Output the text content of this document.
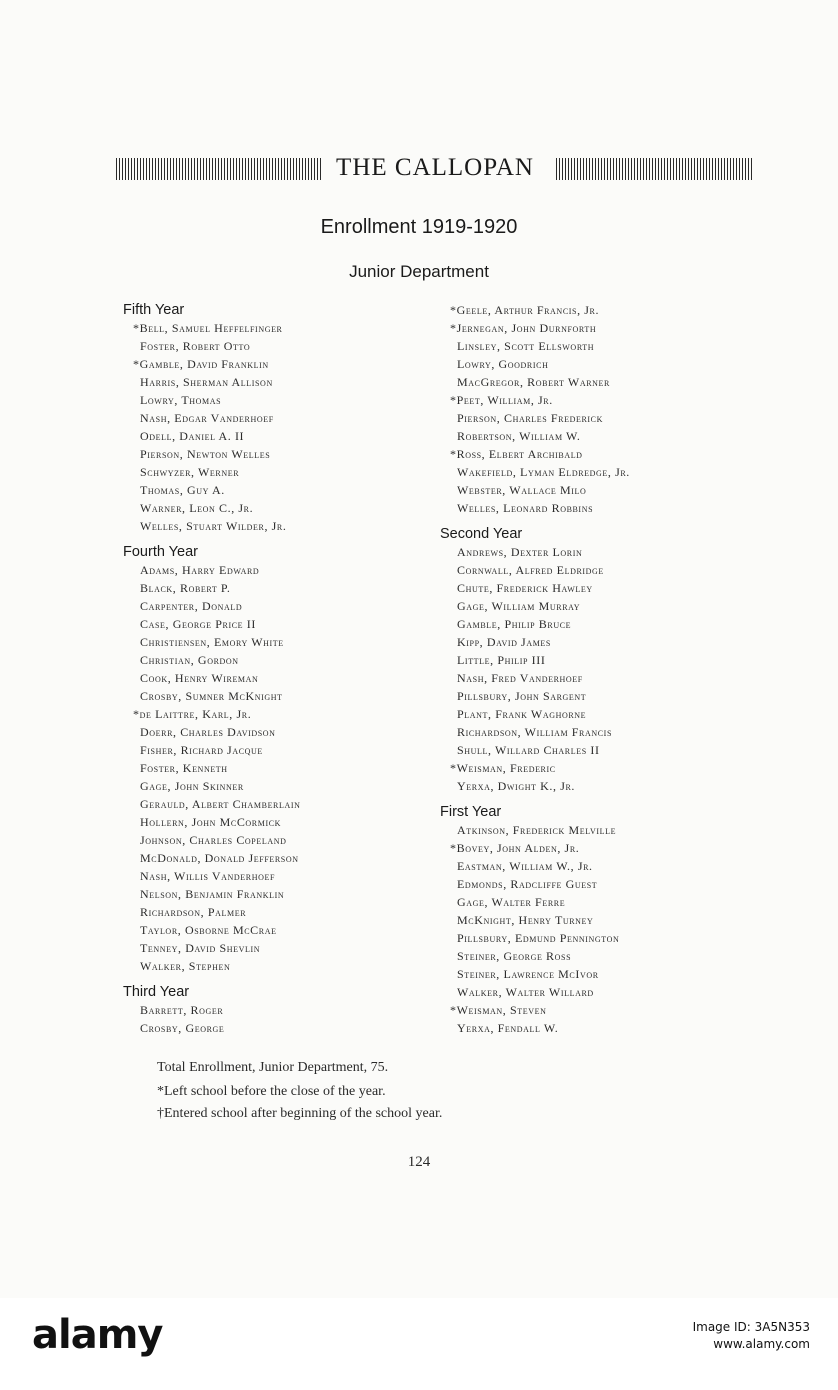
THE CALLOPAN
Enrollment 1919-1920
Junior Department
Fifth Year
*Bell, Samuel Heffelfinger
Foster, Robert Otto
*Gamble, David Franklin
Harris, Sherman Allison
Lowry, Thomas
Nash, Edgar Vanderhoef
Odell, Daniel A. II
Pierson, Newton Welles
Schwyzer, Werner
Thomas, Guy A.
Warner, Leon C., Jr.
Welles, Stuart Wilder, Jr.
Fourth Year
Adams, Harry Edward
Black, Robert P.
Carpenter, Donald
Case, George Price II
Christiensen, Emory White
Christian, Gordon
Cook, Henry Wireman
Crosby, Sumner McKnight
*de Laittre, Karl, Jr.
Doerr, Charles Davidson
Fisher, Richard Jacque
Foster, Kenneth
Gage, John Skinner
Gerauld, Albert Chamberlain
Hollern, John McCormick
Johnson, Charles Copeland
McDonald, Donald Jefferson
Nash, Willis Vanderhoef
Nelson, Benjamin Franklin
Richardson, Palmer
Taylor, Osborne McCrae
Tenney, David Shevlin
Walker, Stephen
Third Year
Barrett, Roger
Crosby, George
*Geele, Arthur Francis, Jr.
*Jernegan, John Durnforth
Linsley, Scott Ellsworth
Lowry, Goodrich
MacGregor, Robert Warner
*Peet, William, Jr.
Pierson, Charles Frederick
Robertson, William W.
*Ross, Elbert Archibald
Wakefield, Lyman Eldredge, Jr.
Webster, Wallace Milo
Welles, Leonard Robbins
Second Year
Andrews, Dexter Lorin
Cornwall, Alfred Eldridge
Chute, Frederick Hawley
Gage, William Murray
Gamble, Philip Bruce
Kipp, David James
Little, Philip III
Nash, Fred Vanderhoef
Pillsbury, John Sargent
Plant, Frank Waghorne
Richardson, William Francis
Shull, Willard Charles II
*Weisman, Frederic
Yerxa, Dwight K., Jr.
First Year
Atkinson, Frederick Melville
*Bovey, John Alden, Jr.
Eastman, William W., Jr.
Edmonds, Radcliffe Guest
Gage, Walter Ferre
McKnight, Henry Turney
Pillsbury, Edmund Pennington
Steiner, George Ross
Steiner, Lawrence McIvor
Walker, Walter Willard
*Weisman, Steven
Yerxa, Fendall W.
Total Enrollment, Junior Department, 75.
*Left school before the close of the year.
†Entered school after beginning of the school year.
124
alamy	Image ID: 3A5N353
www.alamy.com
